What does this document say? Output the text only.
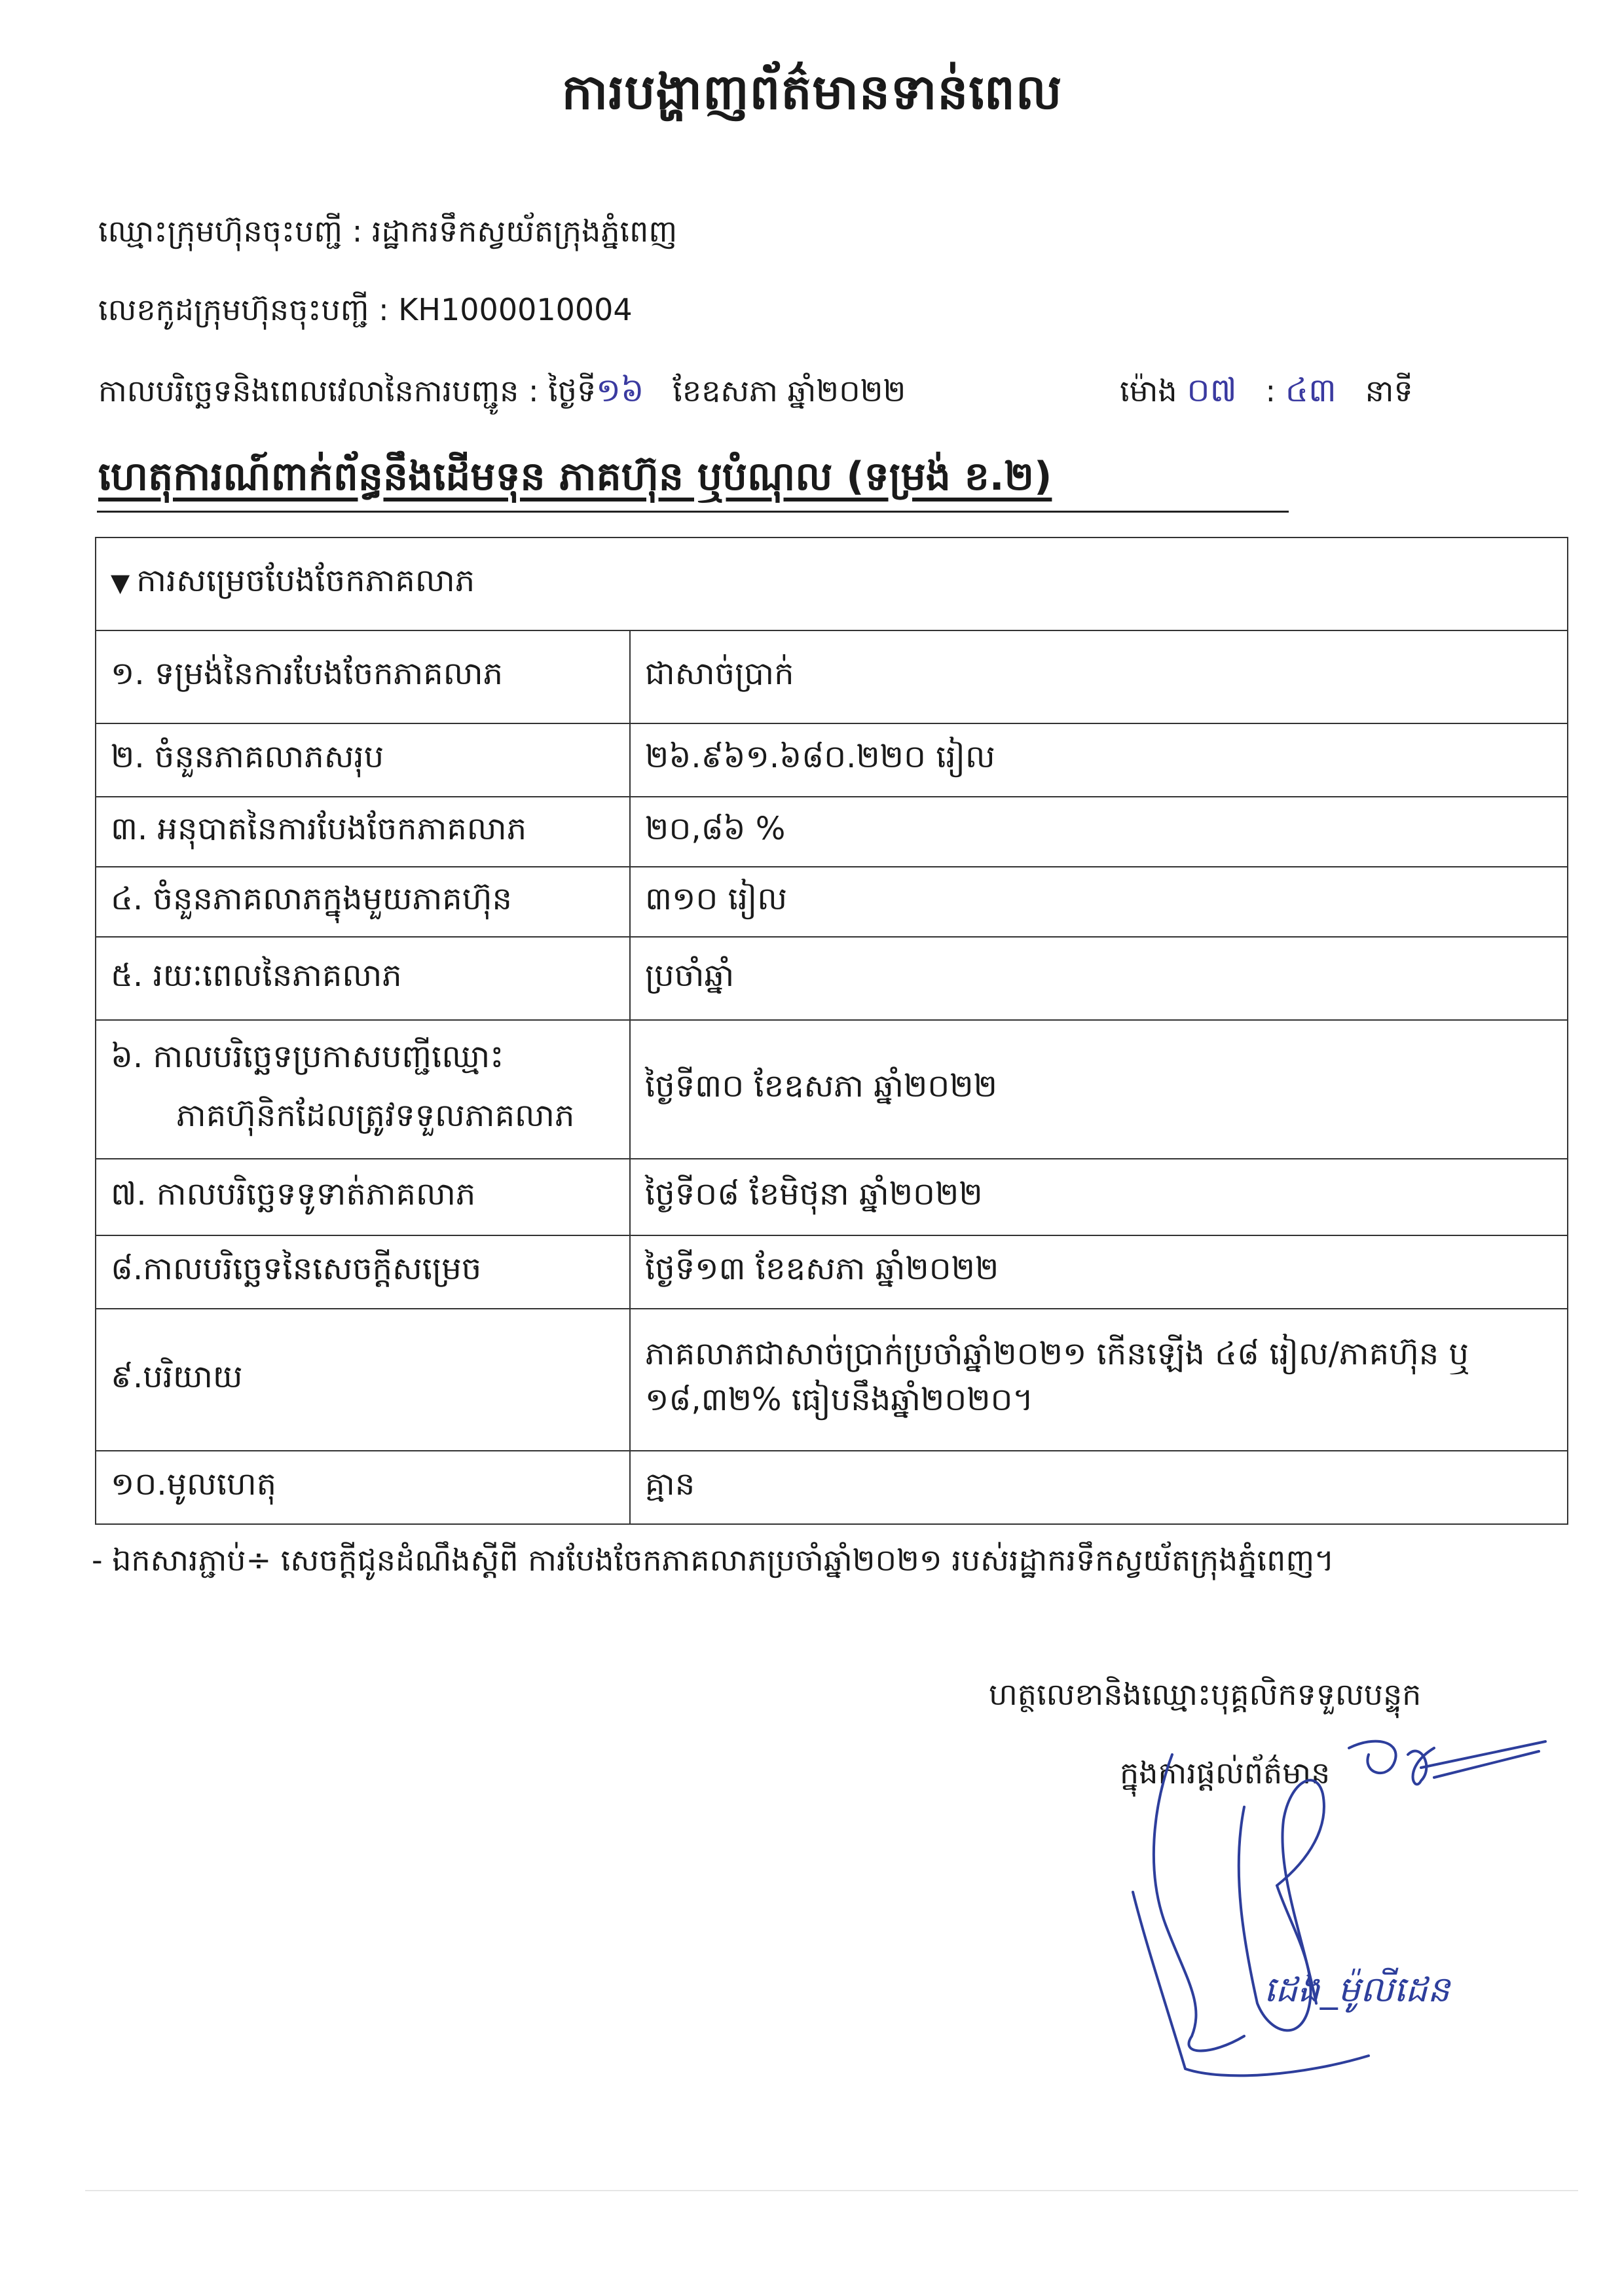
ការបង្ហាញព័ត៌មានទាន់ពេល
ឈ្មោះក្រុមហ៊ុនចុះបញ្ជី : រដ្ឋាករទឹកស្វយ័តក្រុងភ្នំពេញ
លេខកូដក្រុមហ៊ុនចុះបញ្ជី : KH1000010004
កាលបរិច្ឆេទនិងពេលវេលានៃការបញ្ជូន : ថ្ងៃទី១៦ ខែឧសភា ឆ្នាំ២០២២	ម៉ោង ០៧ : ៤៣ នាទី
ហេតុការណ៍ពាក់ព័ន្ធនឹងដើមទុន ភាគហ៊ុន ឬបំណុល (ទម្រង់ ខ.២)
▼ ការសម្រេចបែងចែកភាគលាភ	
១. ទម្រង់នៃការបែងចែកភាគលាភ	ជាសាច់ប្រាក់
២. ចំនួនភាគលាភសរុប	២៦.៩៦១.៦៨០.២២០ រៀល
៣. អនុបាតនៃការបែងចែកភាគលាភ	២០,៨៦ %
៤. ចំនួនភាគលាភក្នុងមួយភាគហ៊ុន	៣១០ រៀល
៥. រយៈពេលនៃភាគលាភ	ប្រចាំឆ្នាំ
៦. កាលបរិច្ឆេទប្រកាសបញ្ជីឈ្មោះ
ភាគហ៊ុនិកដែលត្រូវទទួលភាគលាភ	ថ្ងៃទី៣០ ខែឧសភា ឆ្នាំ២០២២
៧. កាលបរិច្ឆេទទូទាត់ភាគលាភ	ថ្ងៃទី០៨ ខែមិថុនា ឆ្នាំ២០២២
៨.កាលបរិច្ឆេទនៃសេចក្ដីសម្រេច	ថ្ងៃទី១៣ ខែឧសភា ឆ្នាំ២០២២
៩.បរិយាយ	ភាគលាភជាសាច់ប្រាក់ប្រចាំឆ្នាំ២០២១ កើនឡើង ៤៨ រៀល/ភាគហ៊ុន ឬ
១៨,៣២% ធៀបនឹងឆ្នាំ២០២០។
១០.មូលហេតុ	គ្មាន
- ឯកសារភ្ជាប់÷ សេចក្ដីជូនដំណឹងស្ដីពី ការបែងចែកភាគលាភប្រចាំឆ្នាំ២០២១ របស់រដ្ឋាករទឹកស្វយ័តក្រុងភ្នំពេញ។
ហត្ថលេខានិងឈ្មោះបុគ្គលិកទទួលបន្ទុក
ក្នុងការផ្ដល់ព័ត៌មាន
ដេង_ម៉ូលីដេន
